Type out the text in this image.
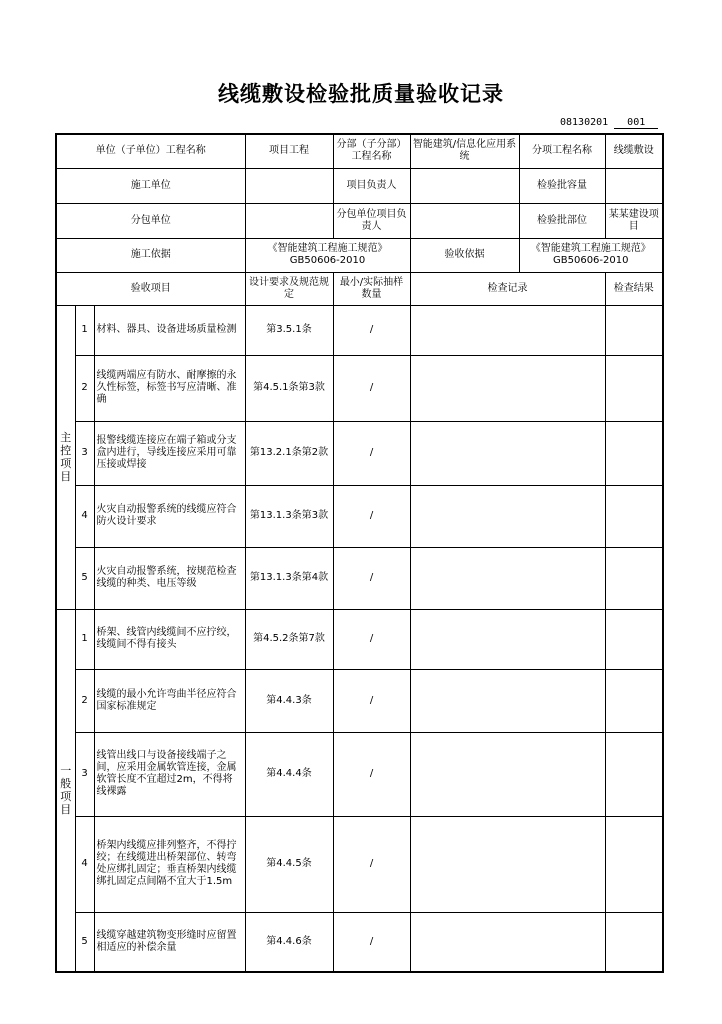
线缆敷设检验批质量验收记录
08130201 001
单位（子单位）工程名称			项目工程	分部（子分部）工程名称	智能建筑/信息化应用系统	分项工程名称	线缆敷设
施工单位				项目负责人		检验批容量	
分包单位				分包单位项目负责人		检验批部位	某某建设项目
施工依据			《智能建筑工程施工规范》GB50606-2010		验收依据	《智能建筑工程施工规范》GB50606-2010	
验收项目			设计要求及规范规定	最小/实际抽样数量	检查记录		检查结果
主控项目	1	材料、器具、设备进场质量检测	第3.5.1条	/			
	2	线缆两端应有防水、耐摩擦的永久性标签，标签书写应清晰、准确	第4.5.1条第3款	/			
	3	报警线缆连接应在端子箱或分支盒内进行，导线连接应采用可靠压接或焊接	第13.2.1条第2款	/			
	4	火灾自动报警系统的线缆应符合防火设计要求	第13.1.3条第3款	/			
	5	火灾自动报警系统，按规范检查线缆的种类、电压等级	第13.1.3条第4款	/			
一般项目	1	桥架、线管内线缆间不应拧绞，线缆间不得有接头	第4.5.2条第7款	/			
	2	线缆的最小允许弯曲半径应符合国家标准规定	第4.4.3条	/			
	3	线管出线口与设备接线端子之间，应采用金属软管连接，金属软管长度不宜超过2m，不得将线裸露	第4.4.4条	/			
	4	桥架内线缆应排列整齐，不得拧绞；在线缆进出桥架部位、转弯处应绑扎固定；垂直桥架内线缆绑扎固定点间隔不宜大于1.5m	第4.4.5条	/			
	5	线缆穿越建筑物变形缝时应留置相适应的补偿余量	第4.4.6条	/			
